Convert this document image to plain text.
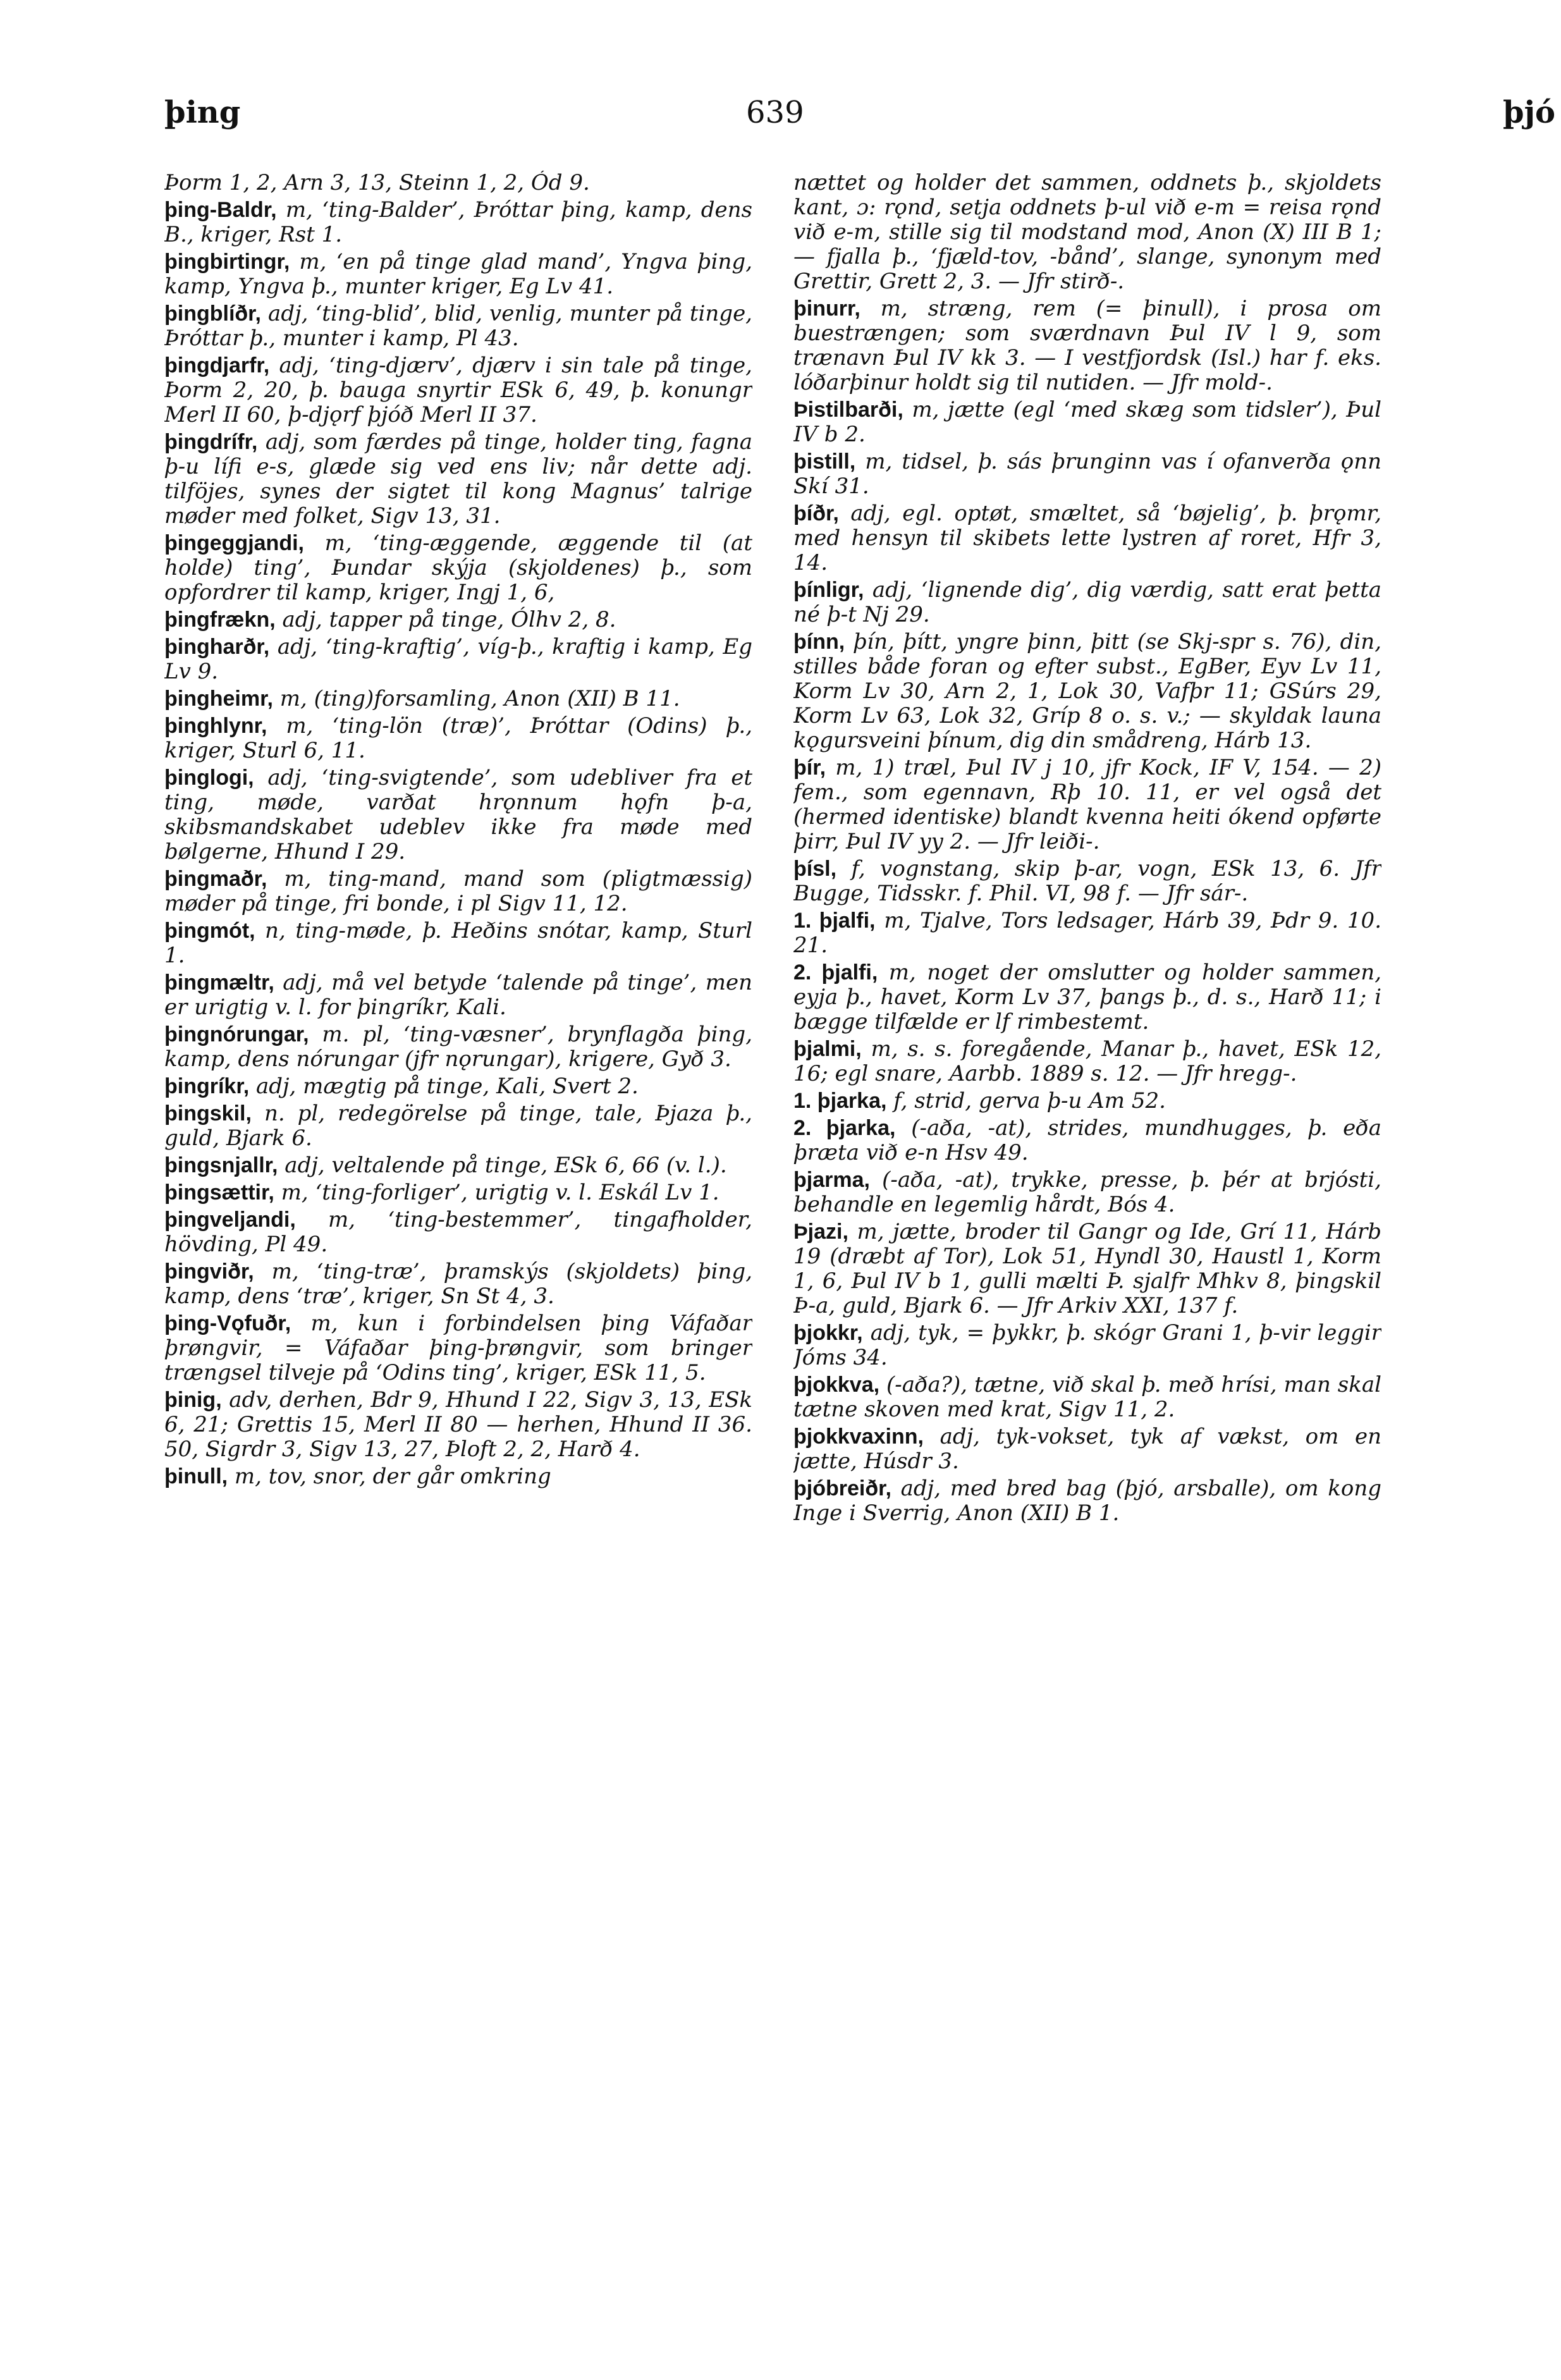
þing	639	þjó

Þorm 1, 2, Arn 3, 13, Steinn 1, 2, Ód 9.

þing-Baldr, m, ‘ting-Balder’, Þróttar þing, kamp, dens B., kriger, Rst 1.

þingbirtingr, m, ‘en på tinge glad mand’, Yngva þing, kamp, Yngva þ., munter kriger, Eg Lv 41.

þingblíðr, adj, ‘ting-blid’, blid, venlig, munter på tinge, Þróttar þ., munter i kamp, Pl 43.

þingdjarfr, adj, ‘ting-djærv’, djærv i sin tale på tinge, Þorm 2, 20, þ. bauga snyrtir ESk 6, 49, þ. konungr Merl II 60, þ-djǫrf þjóð Merl II 37.

þingdrífr, adj, som færdes på tinge, holder ting, fagna þ-u lífi e-s, glæde sig ved ens liv; når dette adj. tilföjes, synes der sigtet til kong Magnus’ talrige møder med folket, Sigv 13, 31.

þingeggjandi, m, ‘ting-æggende, æggende til (at holde) ting’, Þundar skýja (skjoldenes) þ., som opfordrer til kamp, kriger, Ingj 1, 6,

þingfrækn, adj, tapper på tinge, Ólhv 2, 8.

þingharðr, adj, ‘ting-kraftig’, víg-þ., kraftig i kamp, Eg Lv 9.

þingheimr, m, (ting)forsamling, Anon (XII) B 11.

þinghlynr, m, ‘ting-lön (træ)’, Þróttar (Odins) þ., kriger, Sturl 6, 11.

þinglogi, adj, ‘ting-svigtende’, som udebliver fra et ting, møde, varðat hrǫnnum hǫfn þ-a, skibsmandskabet udeblev ikke fra møde med bølgerne, Hhund I 29.

þingmaðr, m, ting-mand, mand som (pligtmæssig) møder på tinge, fri bonde, i pl Sigv 11, 12.

þingmót, n, ting-møde, þ. Heðins snótar, kamp, Sturl 1.

þingmæltr, adj, må vel betyde ‘talende på tinge’, men er urigtig v. l. for þingríkr, Kali.

þingnórungar, m. pl, ‘ting-væsner’, brynflagða þing, kamp, dens nórungar (jfr nǫrungar), krigere, Gyð 3.

þingríkr, adj, mægtig på tinge, Kali, Svert 2.

þingskil, n. pl, redegörelse på tinge, tale, Þjaza þ., guld, Bjark 6.

þingsnjallr, adj, veltalende på tinge, ESk 6, 66 (v. l.).

þingsættir, m, ‘ting-forliger’, urigtig v. l. Eskál Lv 1.

þingveljandi, m, ‘ting-bestemmer’, tingafholder, hövding, Pl 49.

þingviðr, m, ‘ting-træ’, þramskýs (skjoldets) þing, kamp, dens ‘træ’, kriger, Sn St 4, 3.

þing-Vǫfuðr, m, kun i forbindelsen þing Váfaðar þrøngvir, = Váfaðar þing-þrøngvir, som bringer trængsel tilveje på ‘Odins ting’, kriger, ESk 11, 5.

þinig, adv, derhen, Bdr 9, Hhund I 22, Sigv 3, 13, ESk 6, 21; Grettis 15, Merl II 80 — herhen, Hhund II 36. 50, Sigrdr 3, Sigv 13, 27, Þloft 2, 2, Harð 4.

þinull, m, tov, snor, der går omkring

nættet og holder det sammen, oddnets þ., skjoldets kant, ɔ: rǫnd, setja oddnets þ-ul við e-m = reisa rǫnd við e-m, stille sig til modstand mod, Anon (X) III B 1; — fjalla þ., ‘fjæld-tov, -bånd’, slange, synonym med Grettir, Grett 2, 3. — Jfr stirð-.

þinurr, m, stræng, rem (= þinull), i prosa om buestrængen; som sværdnavn Þul IV l 9, som trænavn Þul IV kk 3. — I vestfjordsk (Isl.) har f. eks. lóðarþinur holdt sig til nutiden. — Jfr mold-.

Þistilbarði, m, jætte (egl ‘med skæg som tidsler’), Þul IV b 2.

þistill, m, tidsel, þ. sás þrunginn vas í ofanverða ǫnn Skí 31.

þíðr, adj, egl. optøt, smæltet, så ‘bøjelig’, þ. þrǫmr, med hensyn til skibets lette lystren af roret, Hfr 3, 14.

þínligr, adj, ‘lignende dig’, dig værdig, satt erat þetta né þ-t Nj 29.

þínn, þín, þítt, yngre þinn, þitt (se Skj-spr s. 76), din, stilles både foran og efter subst., EgBer, Eyv Lv 11, Korm Lv 30, Arn 2, 1, Lok 30, Vafþr 11; GSúrs 29, Korm Lv 63, Lok 32, Gríp 8 o. s. v.; — skyldak launa kǫgursveini þínum, dig din smådreng, Hárb 13.

þír, m, 1) træl, Þul IV j 10, jfr Kock, IF V, 154. — 2) fem., som egennavn, Rþ 10. 11, er vel også det (hermed identiske) blandt kvenna heiti ókend opførte þirr, Þul IV yy 2. — Jfr leiði-.

þísl, f, vognstang, skip þ-ar, vogn, ESk 13, 6. Jfr Bugge, Tidsskr. f. Phil. VI, 98 f. — Jfr sár-.

1. þjalfi, m, Tjalve, Tors ledsager, Hárb 39, Þdr 9. 10. 21.

2. þjalfi, m, noget der omslutter og holder sammen, eyja þ., havet, Korm Lv 37, þangs þ., d. s., Harð 11; i bægge tilfælde er lf rimbestemt.

þjalmi, m, s. s. foregående, Manar þ., havet, ESk 12, 16; egl snare, Aarbb. 1889 s. 12. — Jfr hregg-.

1. þjarka, f, strid, gerva þ-u Am 52.

2. þjarka, (-aða, -at), strides, mundhugges, þ. eða þræta við e-n Hsv 49.

þjarma, (-aða, -at), trykke, presse, þ. þér at brjósti, behandle en legemlig hårdt, Bós 4.

Þjazi, m, jætte, broder til Gangr og Ide, Grí 11, Hárb 19 (dræbt af Tor), Lok 51, Hyndl 30, Haustl 1, Korm 1, 6, Þul IV b 1, gulli mælti Þ. sjalfr Mhkv 8, þingskil Þ-a, guld, Bjark 6. — Jfr Arkiv XXI, 137 f.

þjokkr, adj, tyk, = þykkr, þ. skógr Grani 1, þ-vir leggir Jóms 34.

þjokkva, (-aða?), tætne, við skal þ. með hrísi, man skal tætne skoven med krat, Sigv 11, 2.

þjokkvaxinn, adj, tyk-vokset, tyk af vækst, om en jætte, Húsdr 3.

þjóbreiðr, adj, med bred bag (þjó, arsballe), om kong Inge i Sverrig, Anon (XII) B 1.
